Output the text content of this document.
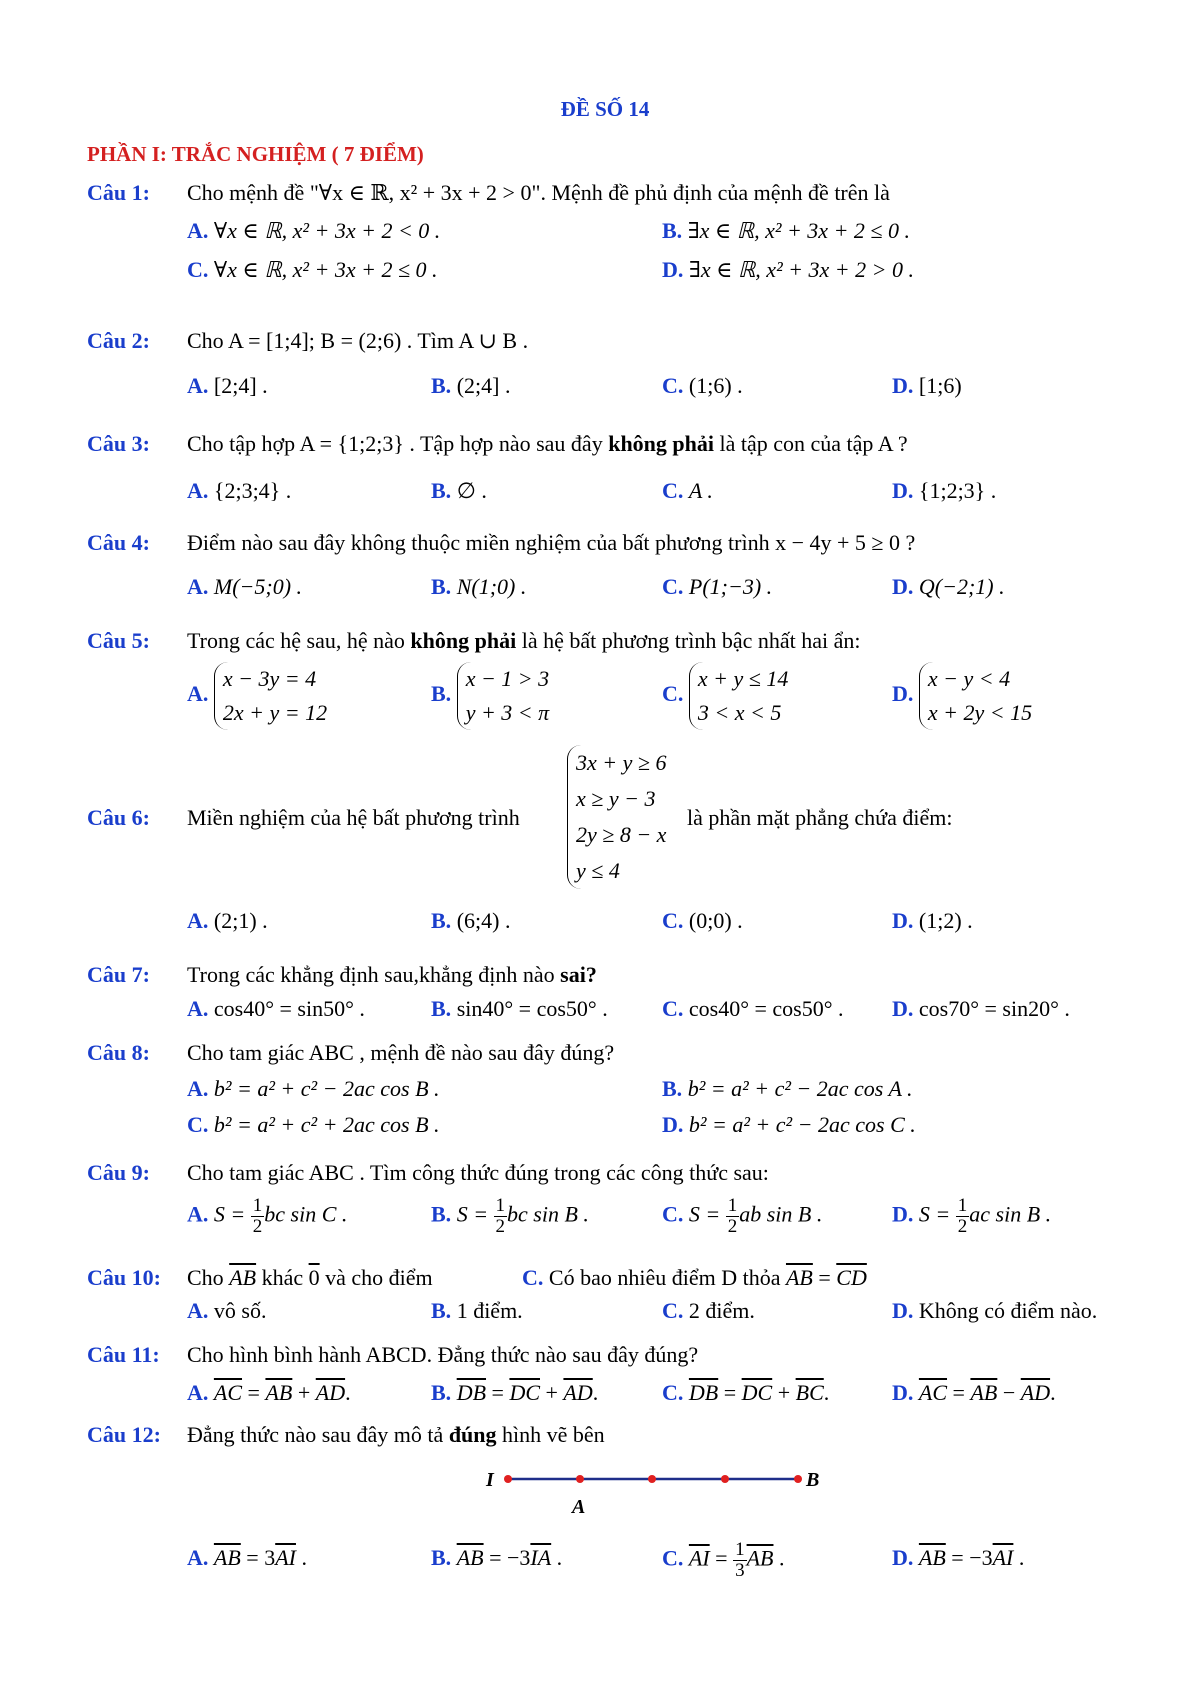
ĐỀ SỐ 14
PHẦN I: TRẮC NGHIỆM ( 7 ĐIỂM)
Câu 1: Cho mệnh đề "∀x ∈ ℝ, x² + 3x + 2 > 0". Mệnh đề phủ định của mệnh đề trên là
A. ∀x ∈ ℝ, x² + 3x + 2 < 0 .	B. ∃x ∈ ℝ, x² + 3x + 2 ≤ 0 .
C. ∀x ∈ ℝ, x² + 3x + 2 ≤ 0 .	D. ∃x ∈ ℝ, x² + 3x + 2 > 0 .
Câu 2: Cho A = [1;4]; B = (2;6) . Tìm A ∪ B .
A. [2;4] .	B. (2;4] .	C. (1;6) .	D. [1;6)
Câu 3: Cho tập hợp A = {1;2;3} . Tập hợp nào sau đây không phải là tập con của tập A ?
A. {2;3;4} .	B. ∅ .	C. A .	D. {1;2;3} .
Câu 4: Điểm nào sau đây không thuộc miền nghiệm của bất phương trình x − 4y + 5 ≥ 0 ?
A. M(−5;0) .	B. N(1;0) .	C. P(1;−3) .	D. Q(−2;1) .
Câu 5: Trong các hệ sau, hệ nào không phải là hệ bất phương trình bậc nhất hai ẩn:
A. x − 3y = 4
2x + y = 12
B. x − 1 > 3
y + 3 < π
C. x + y ≤ 14
3 < x < 5
D. x − y < 4
x + 2y < 15
Câu 6: Miền nghiệm của hệ bất phương trình
3x + y ≥ 6
x ≥ y − 3
2y ≥ 8 − x
y ≤ 4
là phần mặt phẳng chứa điểm:
A. (2;1) .	B. (6;4) .	C. (0;0) .	D. (1;2) .
Câu 7: Trong các khẳng định sau,khẳng định nào sai?
A. cos40° = sin50° .	B. sin40° = cos50° . C. cos40° = cos50° . D. cos70° = sin20° .
Câu 8: Cho tam giác ABC , mệnh đề nào sau đây đúng?
A. b² = a² + c² − 2ac cos B .	B. b² = a² + c² − 2ac cos A .
C. b² = a² + c² + 2ac cos B .	D. b² = a² + c² − 2ac cos C .
Câu 9: Cho tam giác ABC . Tìm công thức đúng trong các công thức sau:
A. $S = \frac{1}{2}$ bc sin C .	B. $S = \frac{1}{2}$ bc sin B .	C. $S = \frac{1}{2}$ ab sin B .	D. $S = \frac{1}{2}$ ac sin B .
Câu 10: Cho $\overline{AB}$ khác 0 và cho điểm	C. Có bao nhiêu điểm D thỏa $\overline{AB} = \overline{CD}$
A. vô số.	B. 1 điểm.	C. 2 điểm.	D. Không có điểm nào.
Câu 11: Cho hình bình hành ABCD. Đẳng thức nào sau đây đúng?
A. $\overline{AC} = \overline{AB} + \overline{AD}$.	B. $\overline{DB} = \overline{DC} + \overline{AD}$.	C. $\overline{DB} = \overline{DC} + \overline{BC}$.	D. $\overline{AC} = \overline{AB} - \overline{AD}$.
Câu 12: Đẳng thức nào sau đây mô tả đúng hình vẽ bên
I
A
B
A. $\overline{AB} = 3\overline{AI}$ .	B. $\overline{AB} = -3\overline{IA}$ .	C. $\overline{AI} = \frac{1}{3} \overline{AB}$ .	D. $\overline{AB} = -3\overline{AI}$ .
